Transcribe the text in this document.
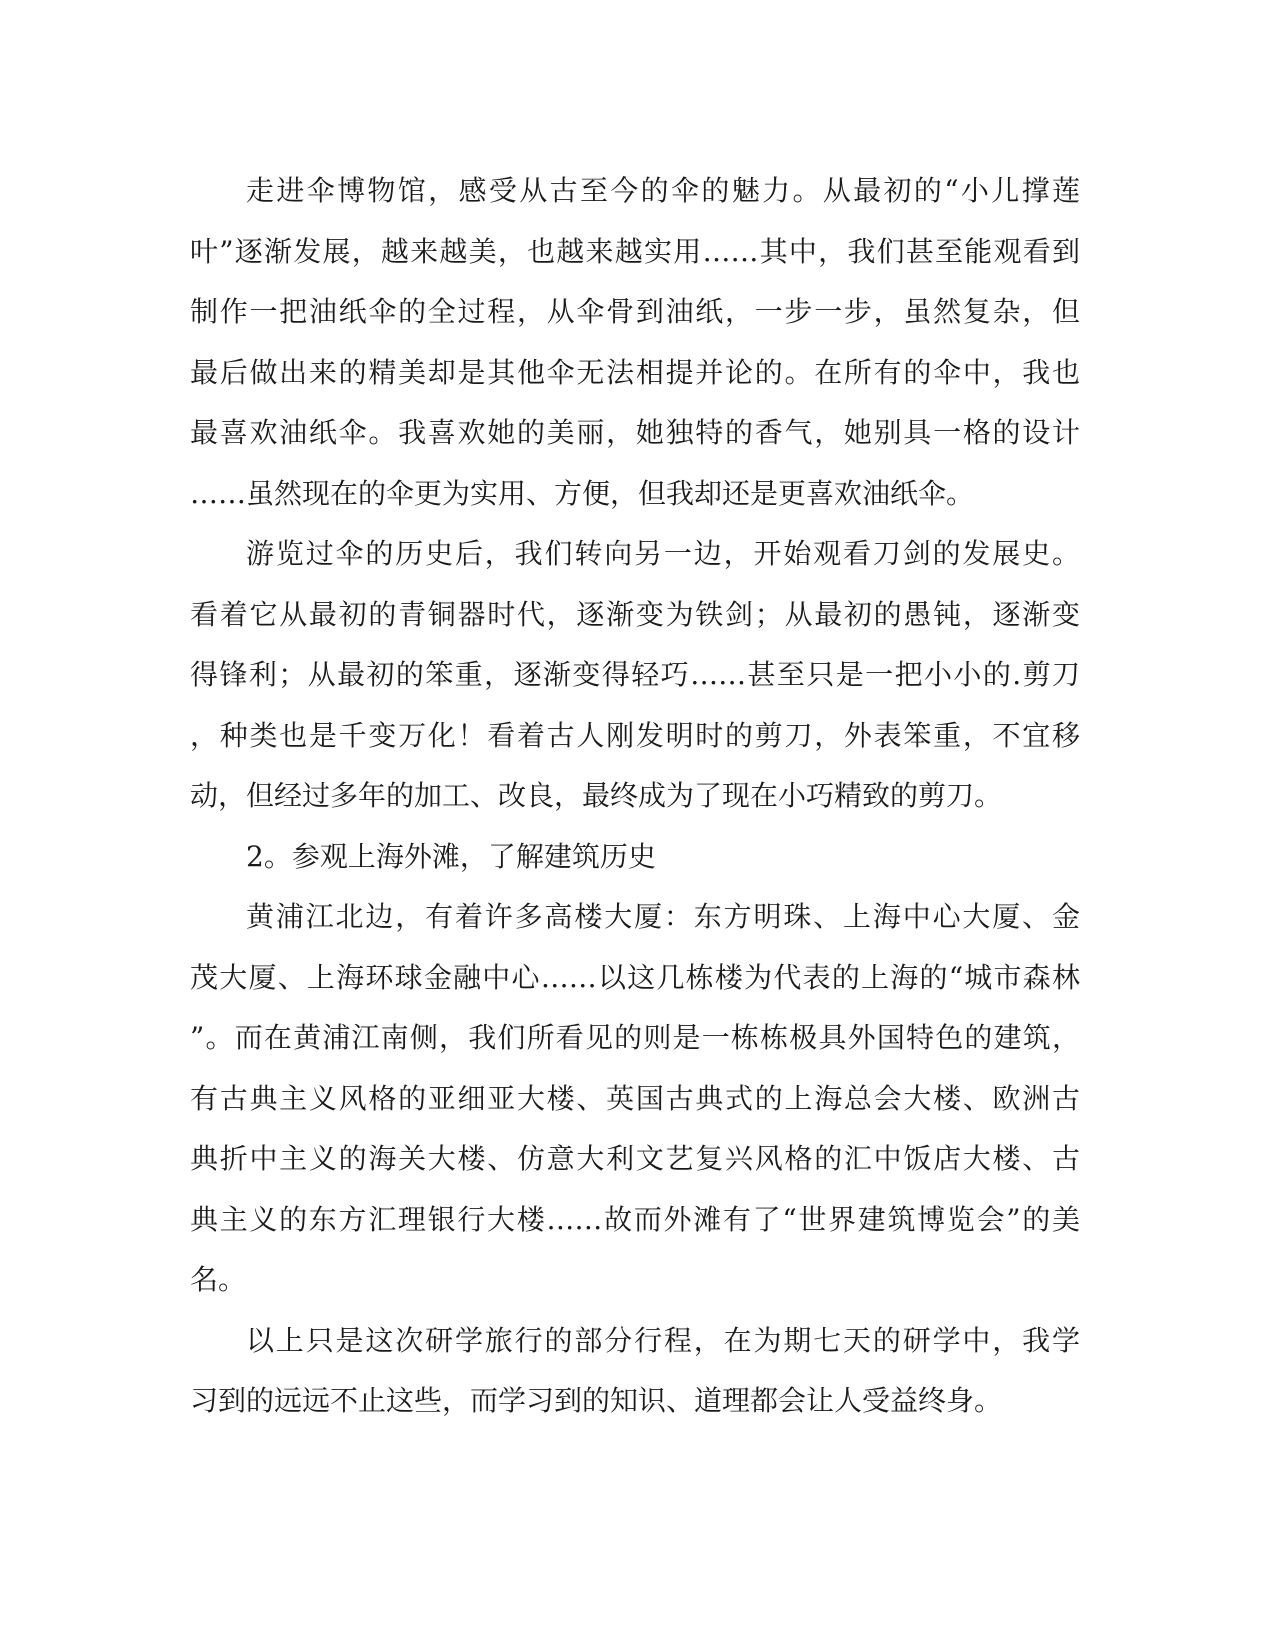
走进伞博物馆，感受从古至今的伞的魅力。从最初的“小儿撑莲
叶”逐渐发展，越来越美，也越来越实用……其中，我们甚至能观看到
制作一把油纸伞的全过程，从伞骨到油纸，一步一步，虽然复杂，但
最后做出来的精美却是其他伞无法相提并论的。在所有的伞中，我也
最喜欢油纸伞。我喜欢她的美丽，她独特的香气，她别具一格的设计
……虽然现在的伞更为实用、方便，但我却还是更喜欢油纸伞。
游览过伞的历史后，我们转向另一边，开始观看刀剑的发展史。
看着它从最初的青铜器时代，逐渐变为铁剑；从最初的愚钝，逐渐变
得锋利；从最初的笨重，逐渐变得轻巧……甚至只是一把小小的.剪刀
，种类也是千变万化！看着古人刚发明时的剪刀，外表笨重，不宜移
动，但经过多年的加工、改良，最终成为了现在小巧精致的剪刀。
2。参观上海外滩，了解建筑历史
黄浦江北边，有着许多高楼大厦：东方明珠、上海中心大厦、金
茂大厦、上海环球金融中心……以这几栋楼为代表的上海的“城市森林
”。而在黄浦江南侧，我们所看见的则是一栋栋极具外国特色的建筑，
有古典主义风格的亚细亚大楼、英国古典式的上海总会大楼、欧洲古
典折中主义的海关大楼、仿意大利文艺复兴风格的汇中饭店大楼、古
典主义的东方汇理银行大楼……故而外滩有了“世界建筑博览会”的美
名。
以上只是这次研学旅行的部分行程，在为期七天的研学中，我学
习到的远远不止这些，而学习到的知识、道理都会让人受益终身。
